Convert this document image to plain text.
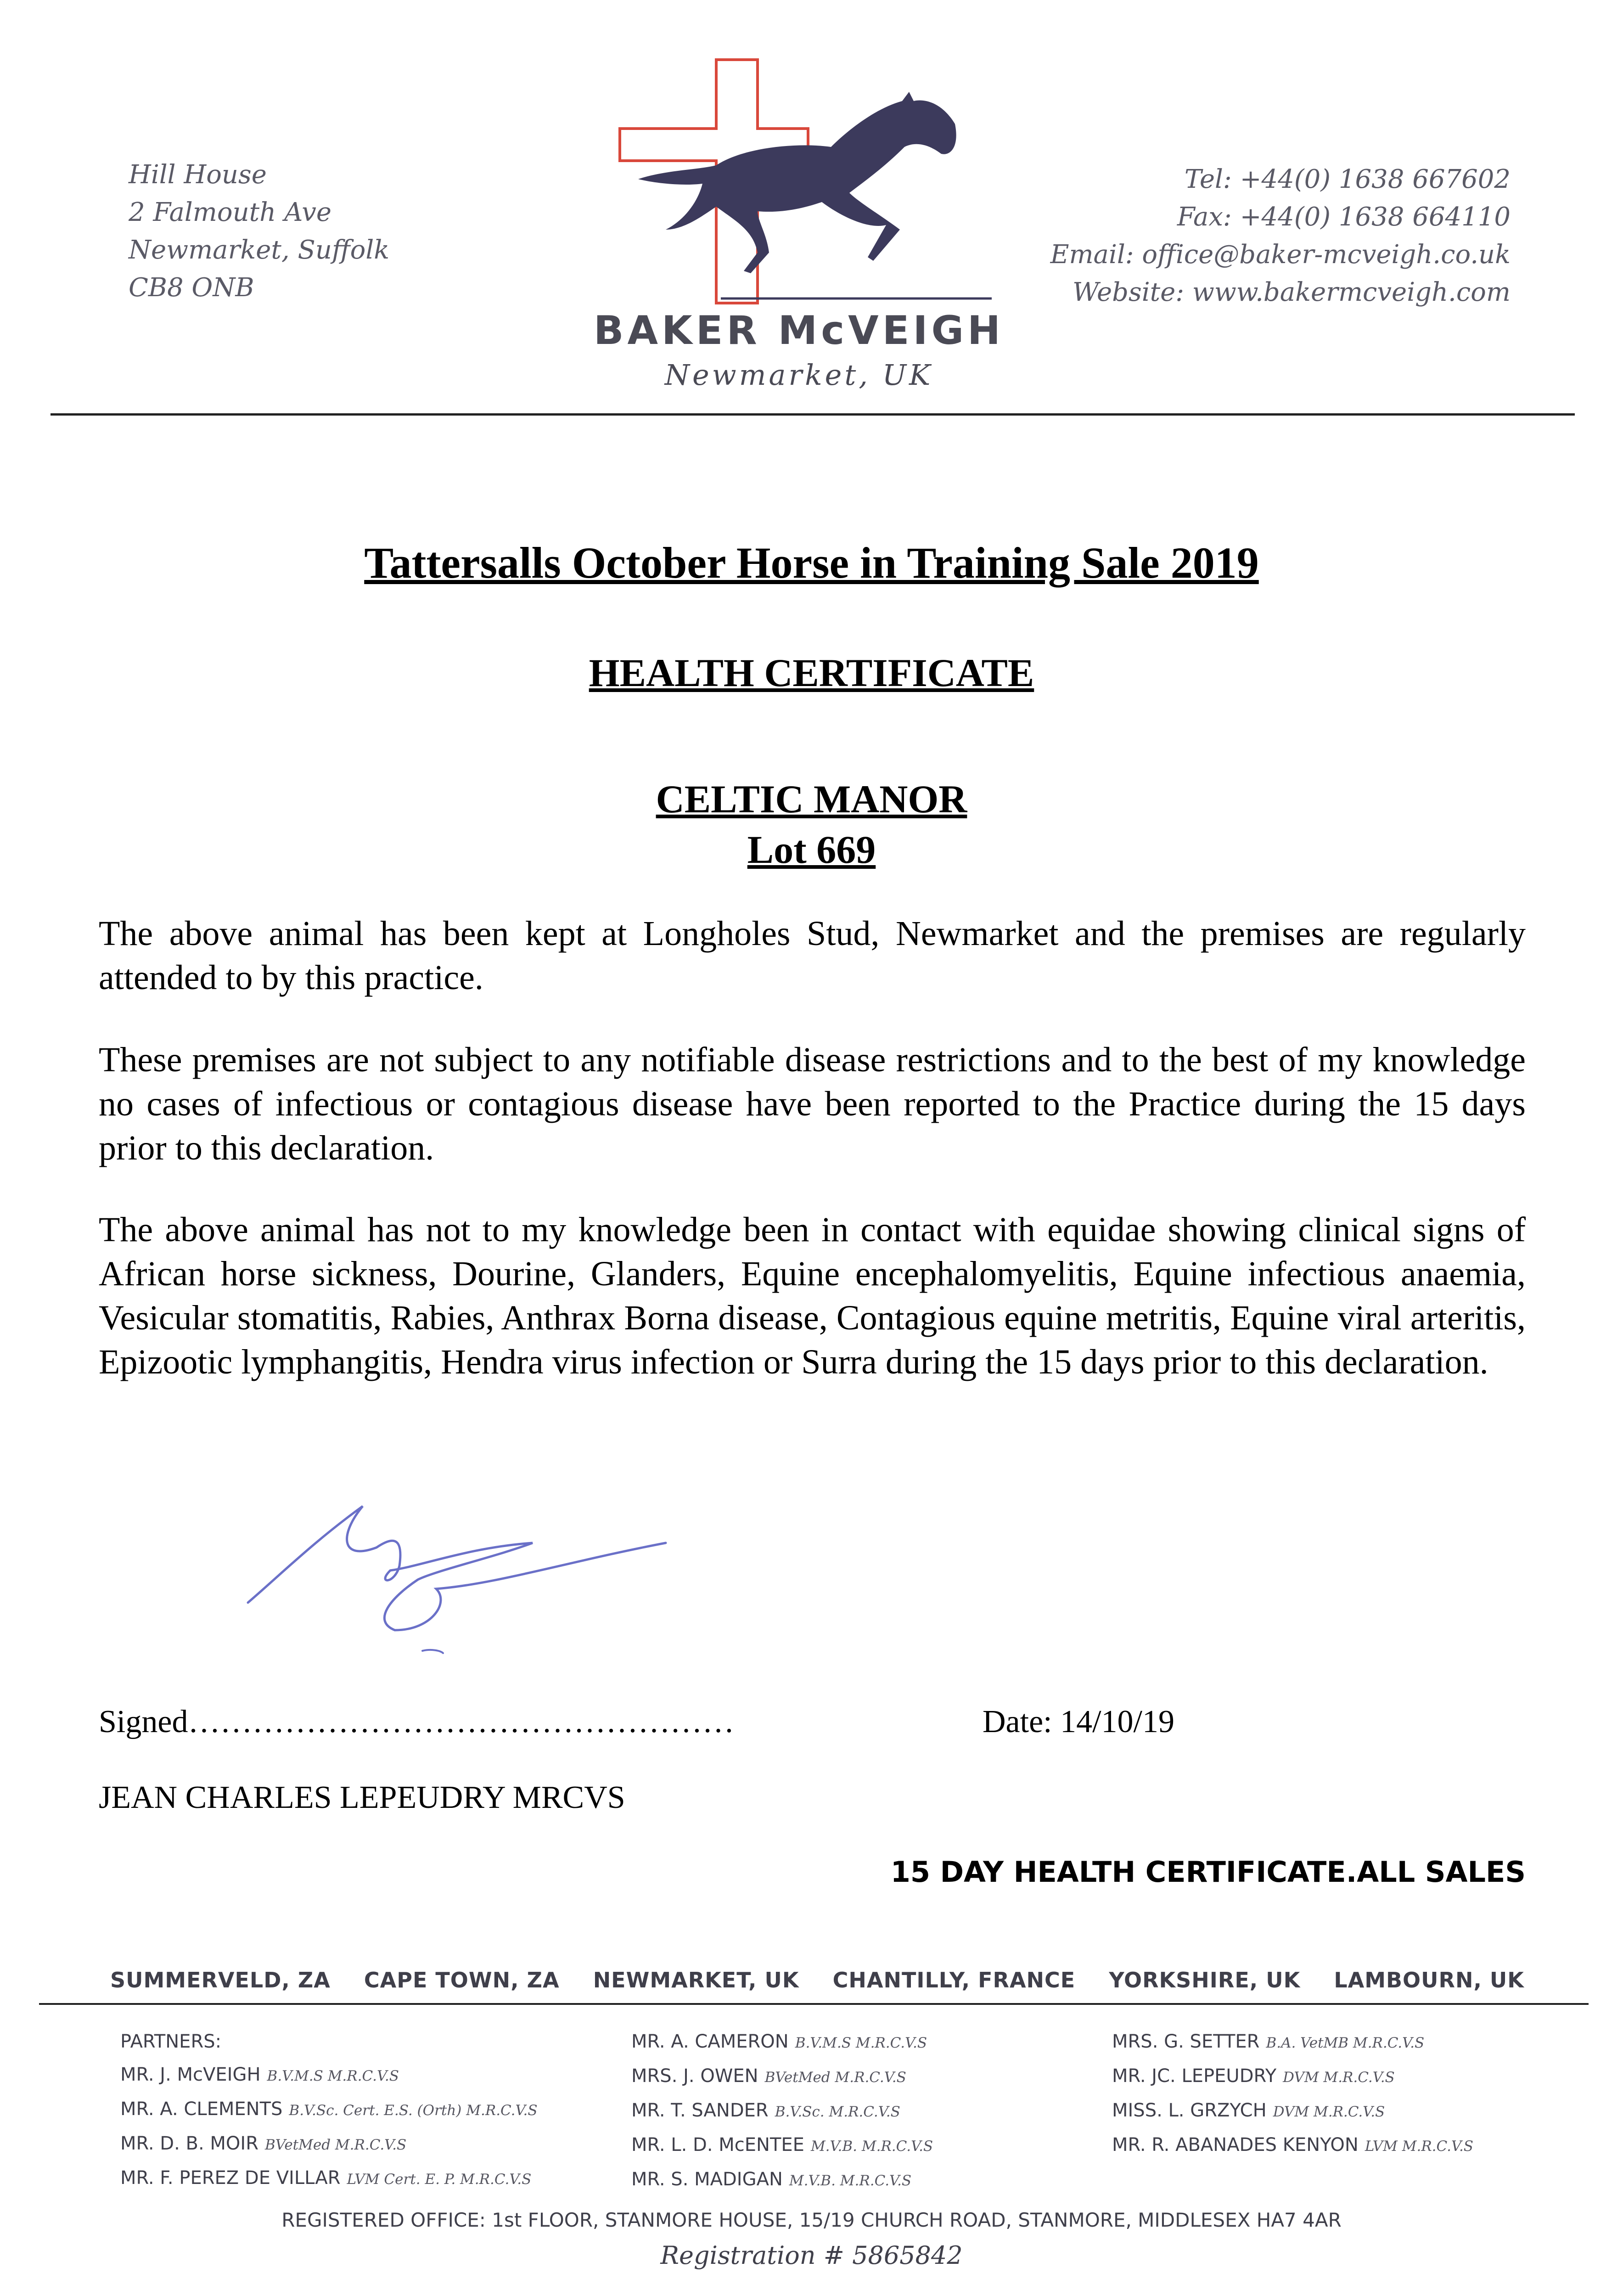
Hill House
2 Falmouth Ave
Newmarket, Suffolk
CB8 ONB
BAKER McVEIGH
Newmarket, UK
Tel: +44(0) 1638 667602
Fax: +44(0) 1638 664110
Email: office@baker-mcveigh.co.uk
Website: www.bakermcveigh.com
Tattersalls October Horse in Training Sale 2019
HEALTH CERTIFICATE
CELTIC MANOR
Lot 669
The above animal has been kept at Longholes Stud, Newmarket and the premises are regularly attended to by this practice.
These premises are not subject to any notifiable disease restrictions and to the best of my knowledge no cases of infectious or contagious disease have been reported to the Practice during the 15 days prior to this declaration.
The above animal has not to my knowledge been in contact with equidae showing clinical signs of African horse sickness, Dourine, Glanders, Equine encephalomyelitis, Equine infectious anaemia, Vesicular stomatitis, Rabies, Anthrax Borna disease, Contagious equine metritis, Equine viral arteritis, Epizootic lymphangitis, Hendra virus infection or Surra during the 15 days prior to this declaration.
Signed……………………………………………	Date: 14/10/19
JEAN CHARLES LEPEUDRY MRCVS
15 DAY HEALTH CERTIFICATE.ALL SALES
SUMMERVELD, ZA CAPE TOWN, ZA NEWMARKET, UK CHANTILLY, FRANCE YORKSHIRE, UK LAMBOURN, UK
PARTNERS:
MR. J. McVEIGH B.V.M.S M.R.C.V.S
MR. A. CLEMENTS B.V.Sc. Cert. E.S. (Orth) M.R.C.V.S
MR. D. B. MOIR BVetMed M.R.C.V.S
MR. F. PEREZ DE VILLAR LVM Cert. E. P. M.R.C.V.S
MR. A. CAMERON B.V.M.S M.R.C.V.S
MRS. J. OWEN BVetMed M.R.C.V.S
MR. T. SANDER B.V.Sc. M.R.C.V.S
MR. L. D. McENTEE M.V.B. M.R.C.V.S
MR. S. MADIGAN M.V.B. M.R.C.V.S
MRS. G. SETTER B.A. VetMB M.R.C.V.S
MR. JC. LEPEUDRY DVM M.R.C.V.S
MISS. L. GRZYCH DVM M.R.C.V.S
MR. R. ABANADES KENYON LVM M.R.C.V.S
REGISTERED OFFICE: 1st FLOOR, STANMORE HOUSE, 15/19 CHURCH ROAD, STANMORE, MIDDLESEX HA7 4AR
Registration # 5865842
